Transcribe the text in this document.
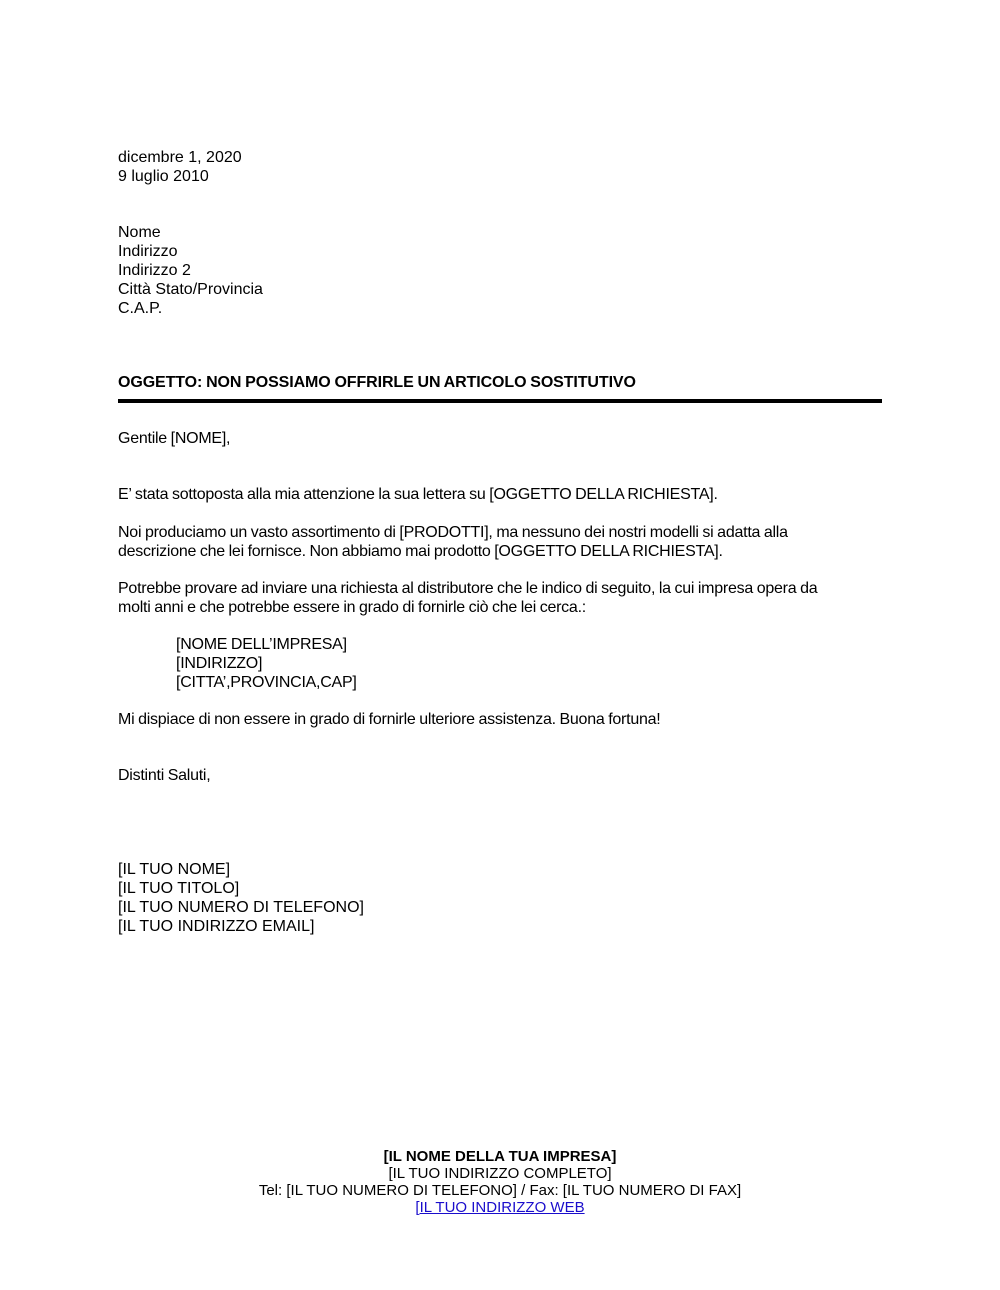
dicembre 1, 2020
9 luglio 2010
Nome
Indirizzo
Indirizzo 2
Città Stato/Provincia
C.A.P.
OGGETTO: NON POSSIAMO OFFRIRLE UN ARTICOLO SOSTITUTIVO
Gentile [NOME],
E’ stata sottoposta alla mia attenzione la sua lettera su [OGGETTO DELLA RICHIESTA].
Noi produciamo un vasto assortimento di [PRODOTTI], ma nessuno dei nostri modelli si adatta alla
descrizione che lei fornisce. Non abbiamo mai prodotto [OGGETTO DELLA RICHIESTA].
Potrebbe provare ad inviare una richiesta al distributore che le indico di seguito, la cui impresa opera da
molti anni e che potrebbe essere in grado di fornirle ciò che lei cerca.:
[NOME DELL’IMPRESA]
[INDIRIZZO]
[CITTA’,PROVINCIA,CAP]
Mi dispiace di non essere in grado di fornirle ulteriore assistenza. Buona fortuna!
Distinti Saluti,
[IL TUO NOME]
[IL TUO TITOLO]
[IL TUO NUMERO DI TELEFONO]
[IL TUO INDIRIZZO EMAIL]
[IL NOME DELLA TUA IMPRESA]
[IL TUO INDIRIZZO COMPLETO]
Tel: [IL TUO NUMERO DI TELEFONO] / Fax: [IL TUO NUMERO DI FAX]
[IL TUO INDIRIZZO WEB
